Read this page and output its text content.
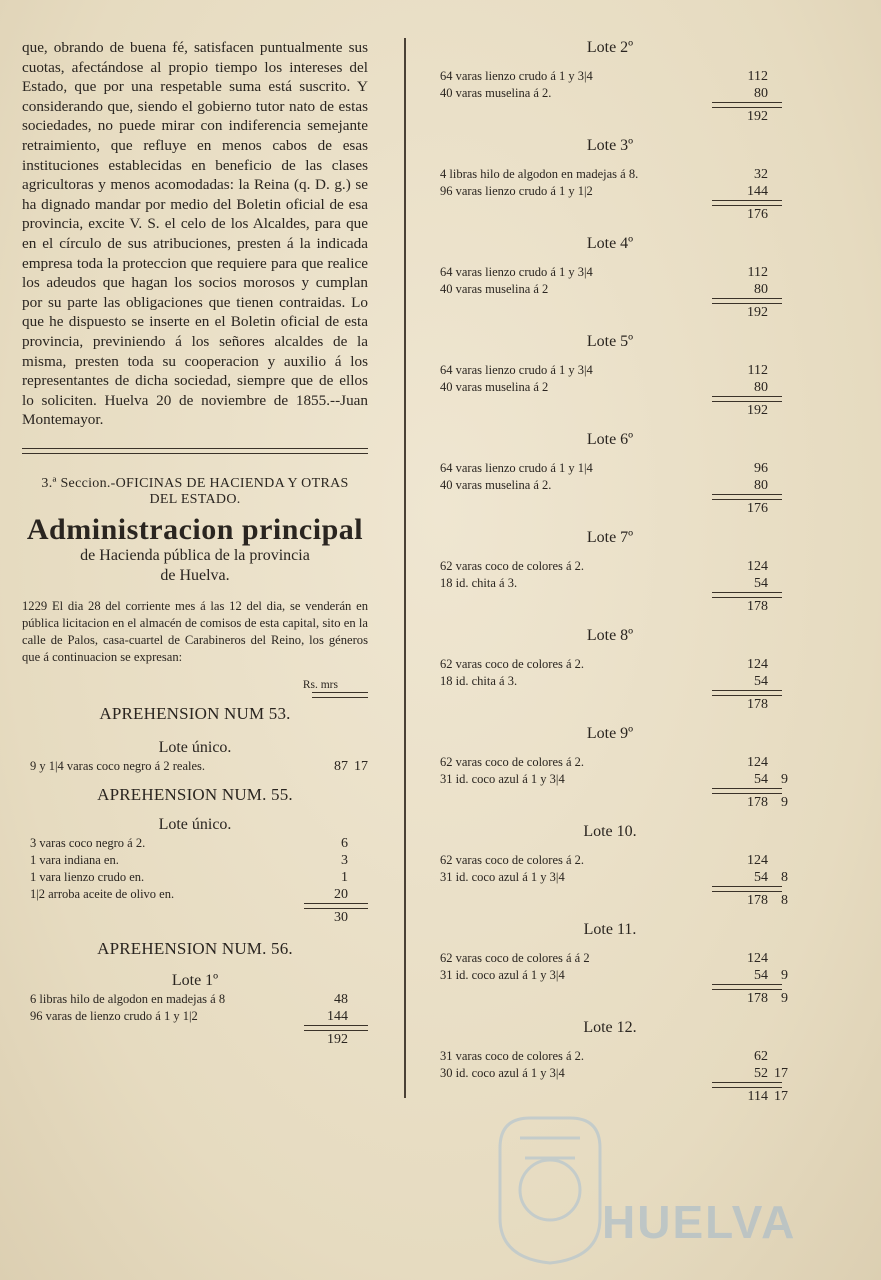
que, obrando de buena fé, satisfacen puntualmente sus cuotas, afectándose al propio tiempo los intereses del Estado, que por una respetable suma está suscrito. Y considerando que, siendo el gobierno tutor nato de estas sociedades, no puede mirar con indiferencia semejante retraimiento, que refluye en menos cabos de esas instituciones establecidas en beneficio de las clases agricultoras y menos acomodadas: la Reina (q. D. g.) se ha dignado mandar por medio del Boletin oficial de esa provincia, excite V. S. el celo de los Alcaldes, para que en el círculo de sus atribuciones, presten á la indicada empresa toda la proteccion que requiere para que realice los adeudos que hagan los socios morosos y cumplan por su parte las obligaciones que tienen contraidas. Lo que he dispuesto se inserte en el Boletin oficial de esta provincia, previniendo á los señores alcaldes de la misma, presten toda su cooperacion y auxilio á los representantes de dicha sociedad, siempre que de ellos lo soliciten. Huelva 20 de noviembre de 1855.--Juan Montemayor.

3.ª Seccion.-OFICINAS DE HACIENDA Y OTRAS
DEL ESTADO.
Administracion principal
de Hacienda pública de la provincia
de Huelva.

1229 El dia 28 del corriente mes á las 12 del dia, se venderán en pública licitacion en el almacén de comisos de esta capital, sito en la calle de Palos, casa-cuartel de Carabineros del Reino, los géneros que á continuacion se expresan:

Rs. mrs
APREHENSION NUM 53.
Lote único.
9 y 1|4 varas coco negro á 2 reales.	87 17
APREHENSION NUM. 55.
Lote único.
3 varas coco negro á 2.	6
1 vara indiana en.	3
1 vara lienzo crudo en.	1
1|2 arroba aceite de olivo en.	20
30
APREHENSION NUM. 56.
Lote 1º
6 libras hilo de algodon en madejas á 8	48
96 varas de lienzo crudo á 1 y 1|2	144
192
Lote 2º
64 varas lienzo crudo á 1 y 3|4	112
40 varas muselina á 2.	80
192
Lote 3º
4 libras hilo de algodon en madejas á 8.	32
96 varas lienzo crudo á 1 y 1|2	144
176
Lote 4º
64 varas lienzo crudo á 1 y 3|4	112
40 varas muselina á 2	80
192
Lote 5º
64 varas lienzo crudo á 1 y 3|4	112
40 varas muselina á 2	80
192
Lote 6º
64 varas lienzo crudo á 1 y 1|4	96
40 varas muselina á 2.	80
176
Lote 7º
62 varas coco de colores á 2.	124
18 id. chita á 3.	54
178
Lote 8º
62 varas coco de colores á 2.	124
18 id. chita á 3.	54
178
Lote 9º
62 varas coco de colores á 2.	124
31 id. coco azul á 1 y 3|4	54 9
178 9
Lote 10.
62 varas coco de colores á 2.	124
31 id. coco azul á 1 y 3|4	54 8
178 8
Lote 11.
62 varas coco de colores á á 2	124
31 id. coco azul á 1 y 3|4	54 9
178 9
Lote 12.
31 varas coco de colores á 2.	62
30 id. coco azul á 1 y 3|4	52 17
114 17
HUELVA
